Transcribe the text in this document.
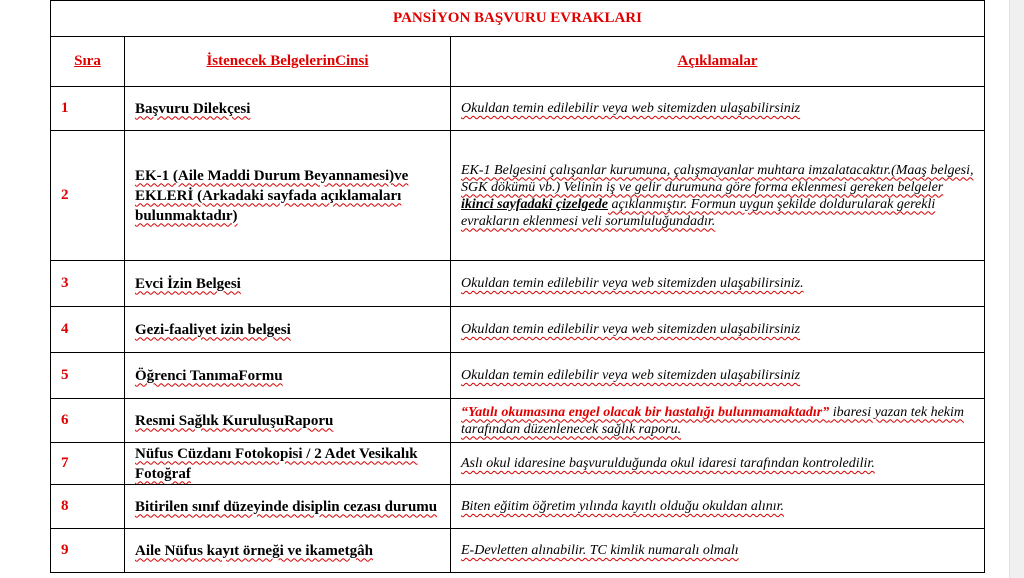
PANSİYON BAŞVURU EVRAKLARI		
Sıra	İstenecek BelgelerinCinsi	Açıklamalar
1	Başvuru Dilekçesi	Okuldan temin edilebilir veya web sitemizden ulaşabilirsiniz
2	EK-1 (Aile Maddi Durum Beyannamesi)ve EKLERİ (Arkadaki sayfada açıklamaları bulunmaktadır)	EK-1 Belgesini çalışanlar kurumuna, çalışmayanlar muhtara imzalatacaktır.(Maaş belgesi, SGK dökümü vb.) Velinin iş ve gelir durumuna göre forma eklenmesi gereken belgeler ikinci sayfadaki çizelgede açıklanmıştır. Formun uygun şekilde doldurularak gerekli evrakların eklenmesi veli sorumluluğundadır.
3	Evci İzin Belgesi	Okuldan temin edilebilir veya web sitemizden ulaşabilirsiniz.
4	Gezi-faaliyet izin belgesi	Okuldan temin edilebilir veya web sitemizden ulaşabilirsiniz
5	Öğrenci TanımaFormu	Okuldan temin edilebilir veya web sitemizden ulaşabilirsiniz
6	Resmi Sağlık KuruluşuRaporu	“Yatılı okumasına engel olacak bir hastalığı bulunmamaktadır” ibaresi yazan tek hekim tarafından düzenlenecek sağlık raporu.
7	Nüfus Cüzdanı Fotokopisi / 2 Adet Vesikalık Fotoğraf	Aslı okul idaresine başvurulduğunda okul idaresi tarafından kontroledilir.
8	Bitirilen sınıf düzeyinde disiplin cezası durumu	Biten eğitim öğretim yılında kayıtlı olduğu okuldan alınır.
9	Aile Nüfus kayıt örneği ve ikametgâh	E-Devletten alınabilir. TC kimlik numaralı olmalı
